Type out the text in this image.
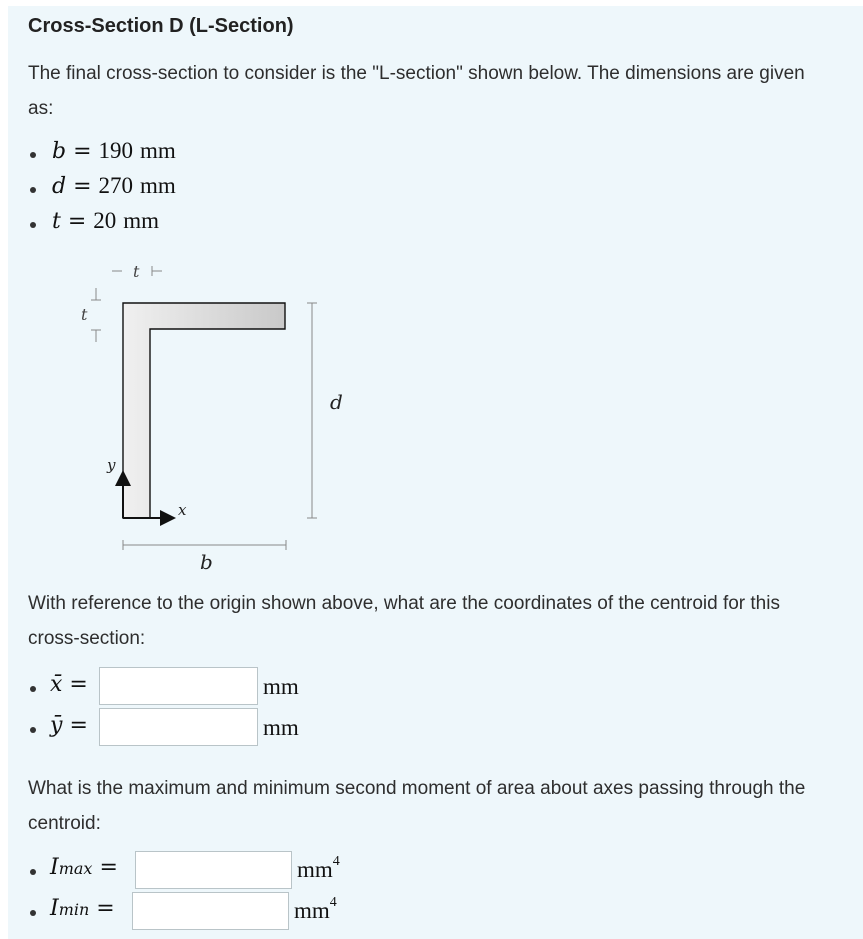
Cross-Section D (L-Section)
The final cross-section to consider is the "L-section" shown below. The dimensions are given as:
b = 190 mm
d = 270 mm
t = 20 mm
t
t
d
b
y
x
With reference to the origin shown above, what are the coordinates of the centroid for this cross-section:
x̄ =	mm
ȳ =	mm
What is the maximum and minimum second moment of area about axes passing through the centroid:
Imax =	$mm^4$
Imin =	$mm^4$
